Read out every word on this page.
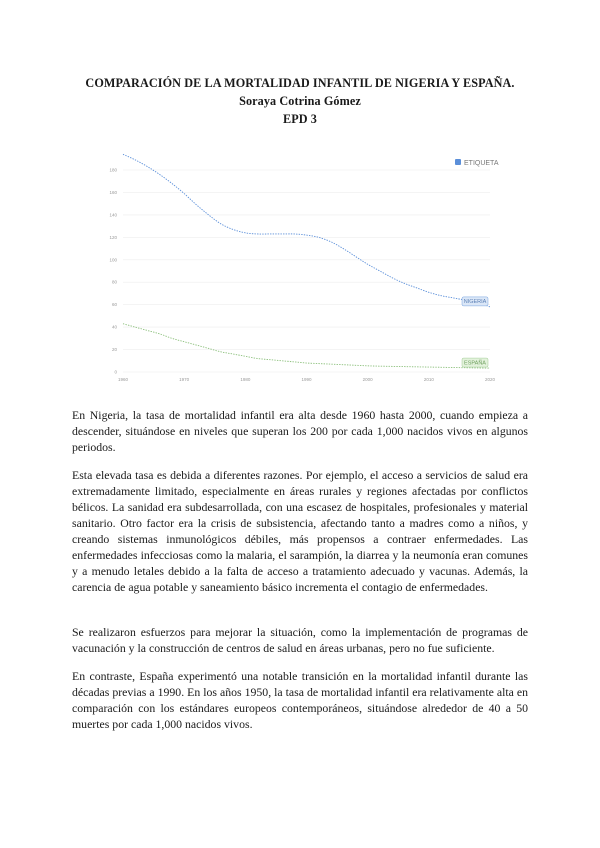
COMPARACIÓN DE LA MORTALIDAD INFANTIL DE NIGERIA Y ESPAÑA.
Soraya Cotrina Gómez
EPD 3
0
20
40
60
80
100
120
140
160
180
1960	1970	1980	1990	2000	2010	2020
NIGERIA
ESPAÑA
ETIQUETA

En Nigeria, la tasa de mortalidad infantil era alta desde 1960 hasta 2000, cuando empieza a descender, situándose en niveles que superan los 200 por cada 1,000 nacidos vivos en algunos periodos.

Esta elevada tasa es debida a diferentes razones. Por ejemplo, el acceso a servicios de salud era extremadamente limitado, especialmente en áreas rurales y regiones afectadas por conflictos bélicos. La sanidad era subdesarrollada, con una escasez de hospitales, profesionales y material sanitario. Otro factor era la crisis de subsistencia, afectando tanto a madres como a niños, y creando sistemas inmunológicos débiles, más propensos a contraer enfermedades. Las enfermedades infecciosas como la malaria, el sarampión, la diarrea y la neumonía eran comunes y a menudo letales debido a la falta de acceso a tratamiento adecuado y vacunas. Además, la carencia de agua potable y saneamiento básico incrementa el contagio de enfermedades.

Se realizaron esfuerzos para mejorar la situación, como la implementación de programas de vacunación y la construcción de centros de salud en áreas urbanas, pero no fue suficiente.

En contraste, España experimentó una notable transición en la mortalidad infantil durante las décadas previas a 1990. En los años 1950, la tasa de mortalidad infantil era relativamente alta en comparación con los estándares europeos contemporáneos, situándose alrededor de 40 a 50 muertes por cada 1,000 nacidos vivos.
